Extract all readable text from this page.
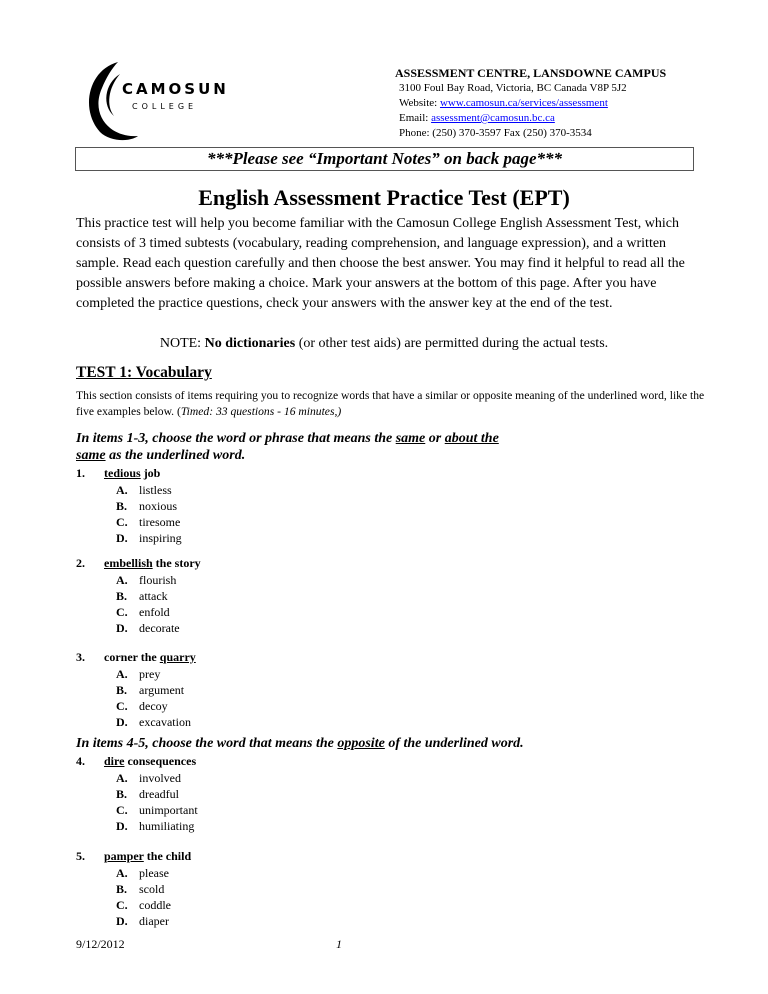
CAMOSUN
COLLEGE
ASSESSMENT CENTRE, LANSDOWNE CAMPUS
3100 Foul Bay Road, Victoria, BC Canada V8P 5J2
Website: www.camosun.ca/services/assessment
Email: assessment@camosun.bc.ca
Phone: (250) 370-3597 Fax (250) 370-3534
***Please see “Important Notes” on back page***
English Assessment Practice Test (EPT)
This practice test will help you become familiar with the Camosun College English Assessment Test, which consists of 3 timed subtests (vocabulary, reading comprehension, and language expression), and a written sample. Read each question carefully and then choose the best answer. You may find it helpful to read all the possible answers before making a choice. Mark your answers at the bottom of this page. After you have completed the practice questions, check your answers with the answer key at the end of the test.
NOTE: No dictionaries (or other test aids) are permitted during the actual tests.
TEST 1: Vocabulary
This section consists of items requiring you to recognize words that have a similar or opposite meaning of the underlined word, like the five examples below. (Timed: 33 questions - 16 minutes,)
In items 1-3, choose the word or phrase that means the same or about the same as the underlined word.
In items 4-5, choose the word that means the opposite of the underlined word.
1. tedious job
A. listless
B. noxious
C. tiresome
D. inspiring
2. embellish the story
A. flourish
B. attack
C. enfold
D. decorate
3. corner the quarry
A. prey
B. argument
C. decoy
D. excavation
4. dire consequences
A. involved
B. dreadful
C. unimportant
D. humiliating
5. pamper the child
A. please
B. scold
C. coddle
D. diaper
9/12/2012	1
